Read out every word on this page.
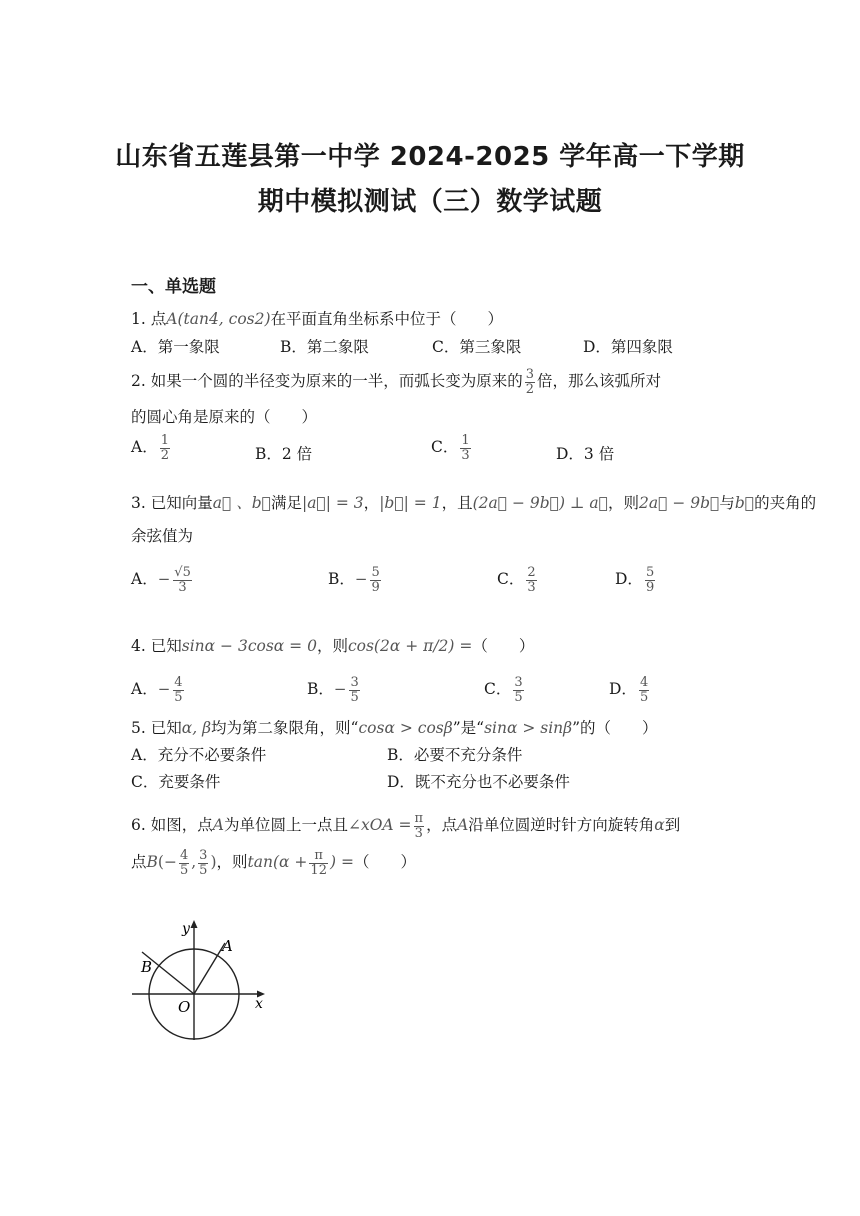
山东省五莲县第一中学 2024-2025 学年高一下学期
期中模拟测试（三）数学试题
一、单选题
1. 点A(tan4, cos2)在平面直角坐标系中位于（　　）
A．第一象限	B．第二象限	C．第三象限	D．第四象限
2. 如果一个圆的半径变为原来的一半，而弧长变为原来的 $\frac{3}{2}$ 倍，那么该弧所对
的圆心角是原来的（　　）
A． $\frac{1}{2}$	B．2 倍	C． $\frac{1}{3}$	D．3 倍
3. 已知向量a⃗ 、b⃗满足|a⃗| = 3，|b⃗| = 1，且(2a⃗ − 9b⃗) ⊥ a⃗，则2a⃗ − 9b⃗与b⃗的夹角的
余弦值为
A．− $\frac{√5}{3}$	B．− $\frac{5}{9}$	C． $\frac{2}{3}$	D． $\frac{5}{9}$
4. 已知sinα − 3cosα = 0，则cos(2α + π/2) =（　　）
A．− $\frac{4}{5}$	B．− $\frac{3}{5}$	C． $\frac{3}{5}$	D． $\frac{4}{5}$
5. 已知α, β均为第二象限角，则“cosα > cosβ”是“sinα > sinβ”的（　　）
A．充分不必要条件	B．必要不充分条件
C．充要条件	D．既不充分也不必要条件
6. 如图，点A为单位圆上一点且∠xOA = $\frac{\pi}{3}$ ，点A沿单位圆逆时针方向旋转角α到
点$B(- \frac{4}{5}$ , $\frac{3}{5}$ )，则$\tan(\alpha + \frac{\pi}{12}$ ) =（　　）
y
x
O
A
B
